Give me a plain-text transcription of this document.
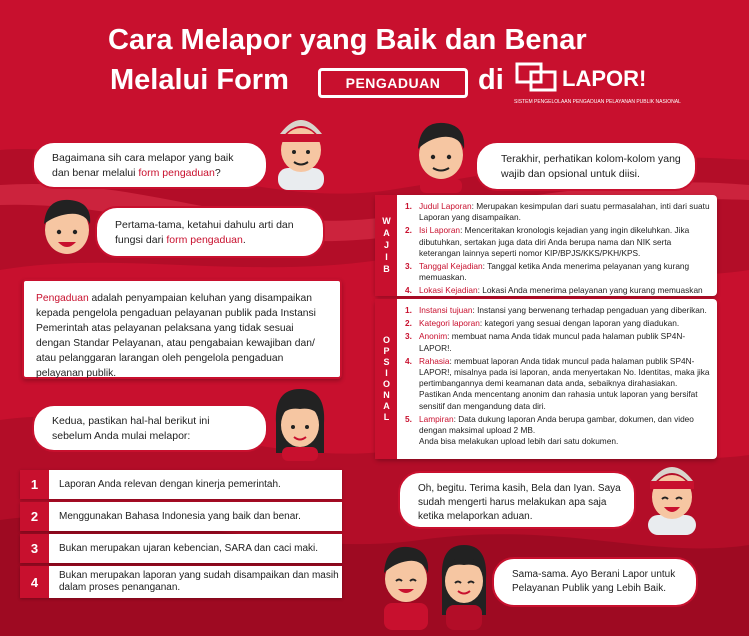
Cara Melapor yang Baik dan Benar
Melalui Form	PENGADUAN	di	LAPOR!
SISTEM PENGELOLAAN PENGADUAN PELAYANAN PUBLIK NASIONAL
Bagaimana sih cara melapor yang baik dan benar melalui form pengaduan?
Pertama-tama, ketahui dahulu arti dan fungsi dari form pengaduan.
Pengaduan adalah penyampaian keluhan yang disampaikan kepada pengelola pengaduan pelayanan publik pada Instansi Pemerintah atas pelayanan pelaksana yang tidak sesuai dengan Standar Pelayanan, atau pengabaian kewajiban dan/ atau pelanggaran larangan oleh pengelola pengaduan pelayanan publik.
Kedua, pastikan hal-hal berikut ini sebelum Anda mulai melapor:
1	Laporan Anda relevan dengan kinerja pemerintah.
2	Menggunakan Bahasa Indonesia yang baik dan benar.
3	Bukan merupakan ujaran kebencian, SARA dan caci maki.
4	Bukan merupakan laporan yang sudah disampaikan dan masih dalam proses penanganan.
Terakhir, perhatikan kolom-kolom yang wajib dan opsional untuk diisi.
WAJIB
1. Judul Laporan: Merupakan kesimpulan dari suatu permasalahan, inti dari suatu Laporan yang disampaikan.
2. Isi Laporan: Menceritakan kronologis kejadian yang ingin dikeluhkan. Jika dibutuhkan, sertakan juga data diri Anda berupa nama dan NIK serta keterangan lainnya seperti nomor KIP/BPJS/KKS/PKH/KPS.
3. Tanggal Kejadian: Tanggal ketika Anda menerima pelayanan yang kurang memuaskan.
4. Lokasi Kejadian: Lokasi Anda menerima pelayanan yang kurang memuaskan
OPSIONAL
1. Instansi tujuan: Instansi yang berwenang terhadap pengaduan yang diberikan.
2. Kategori laporan: kategori yang sesuai dengan laporan yang diadukan.
3. Anonim: membuat nama Anda tidak muncul pada halaman publik SP4N-LAPOR!.
4. Rahasia: membuat laporan Anda tidak muncul pada halaman publik SP4N-LAPOR!, misalnya pada isi laporan, anda menyertakan No. Identitas, maka jika pertimbangannya demi keamanan data anda, sebaiknya dirahasiakan.
Pastikan Anda mencentang anonim dan rahasia untuk laporan yang bersifat sensitif dan mengandung data diri.
5. Lampiran: Data dukung laporan Anda berupa gambar, dokumen, dan video dengan maksimal upload 2 MB.
Anda bisa melakukan upload lebih dari satu dokumen.
Oh, begitu. Terima kasih, Bela dan Iyan. Saya sudah mengerti harus melakukan apa saja ketika melaporkan aduan.
Sama-sama. Ayo Berani Lapor untuk Pelayanan Publik yang Lebih Baik.
